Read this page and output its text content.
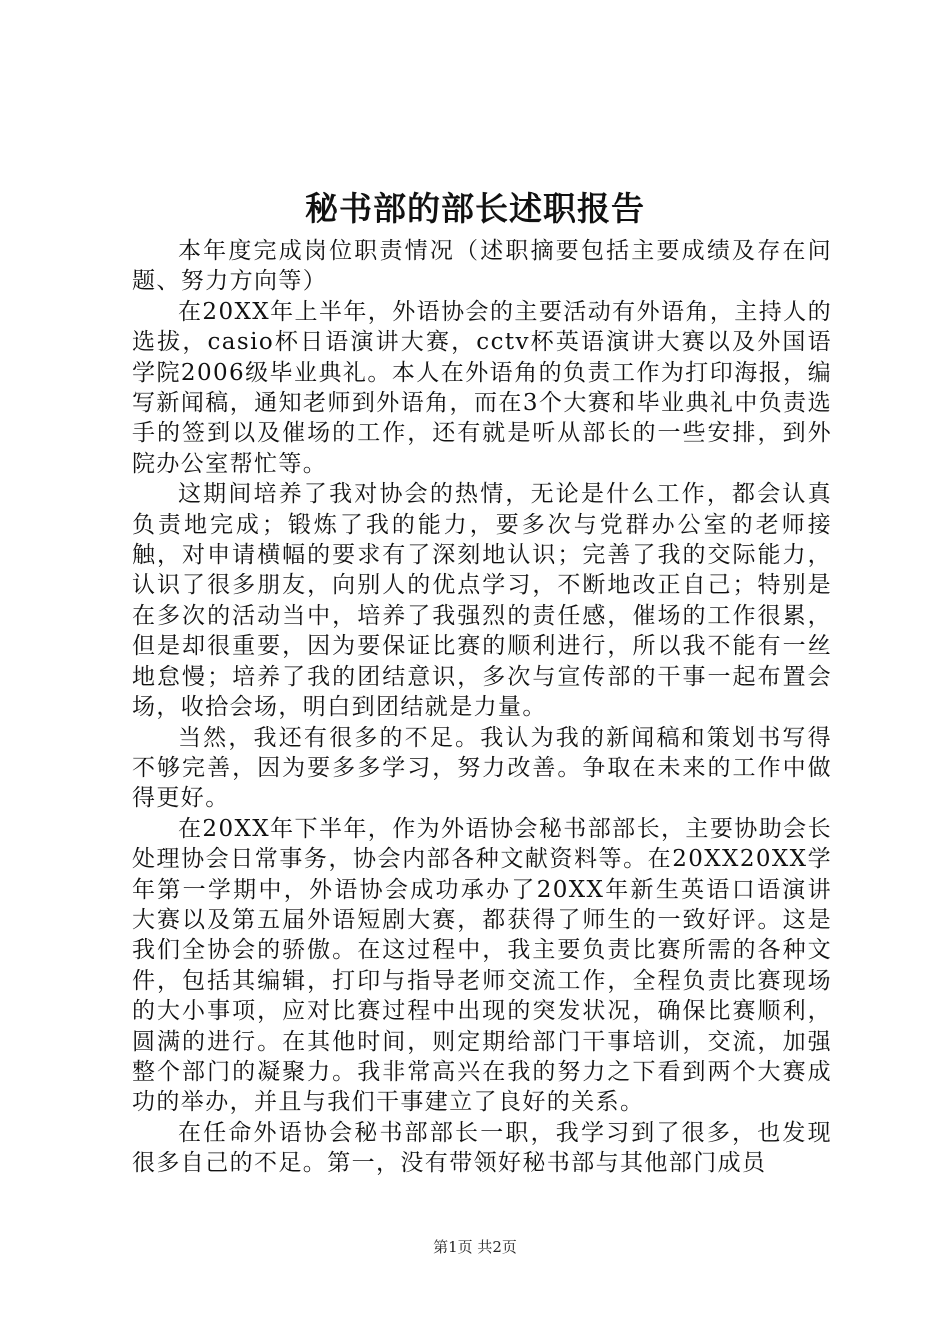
秘书部的部长述职报告

本年度完成岗位职责情况（述职摘要包括主要成绩及存在问题、努力方向等）

在20XX年上半年，外语协会的主要活动有外语角，主持人的选拔，casio杯日语演讲大赛，cctv杯英语演讲大赛以及外国语学院2006级毕业典礼。本人在外语角的负责工作为打印海报，编写新闻稿，通知老师到外语角，而在3个大赛和毕业典礼中负责选手的签到以及催场的工作，还有就是听从部长的一些安排，到外院办公室帮忙等。

这期间培养了我对协会的热情，无论是什么工作，都会认真负责地完成；锻炼了我的能力，要多次与党群办公室的老师接触，对申请横幅的要求有了深刻地认识；完善了我的交际能力，认识了很多朋友，向别人的优点学习，不断地改正自己；特别是在多次的活动当中，培养了我强烈的责任感，催场的工作很累，但是却很重要，因为要保证比赛的顺利进行，所以我不能有一丝地怠慢；培养了我的团结意识，多次与宣传部的干事一起布置会场，收拾会场，明白到团结就是力量。

当然，我还有很多的不足。我认为我的新闻稿和策划书写得不够完善，因为要多多学习，努力改善。争取在未来的工作中做得更好。

在20XX年下半年，作为外语协会秘书部部长，主要协助会长处理协会日常事务，协会内部各种文献资料等。在20XX20XX学年第一学期中，外语协会成功承办了20XX年新生英语口语演讲大赛以及第五届外语短剧大赛，都获得了师生的一致好评。这是我们全协会的骄傲。在这过程中，我主要负责比赛所需的各种文件，包括其编辑，打印与指导老师交流工作，全程负责比赛现场的大小事项，应对比赛过程中出现的突发状况，确保比赛顺利，圆满的进行。在其他时间，则定期给部门干事培训，交流，加强整个部门的凝聚力。我非常高兴在我的努力之下看到两个大赛成功的举办，并且与我们干事建立了良好的关系。

在任命外语协会秘书部部长一职，我学习到了很多，也发现很多自己的不足。第一，没有带领好秘书部与其他部门成员

第1页 共2页
